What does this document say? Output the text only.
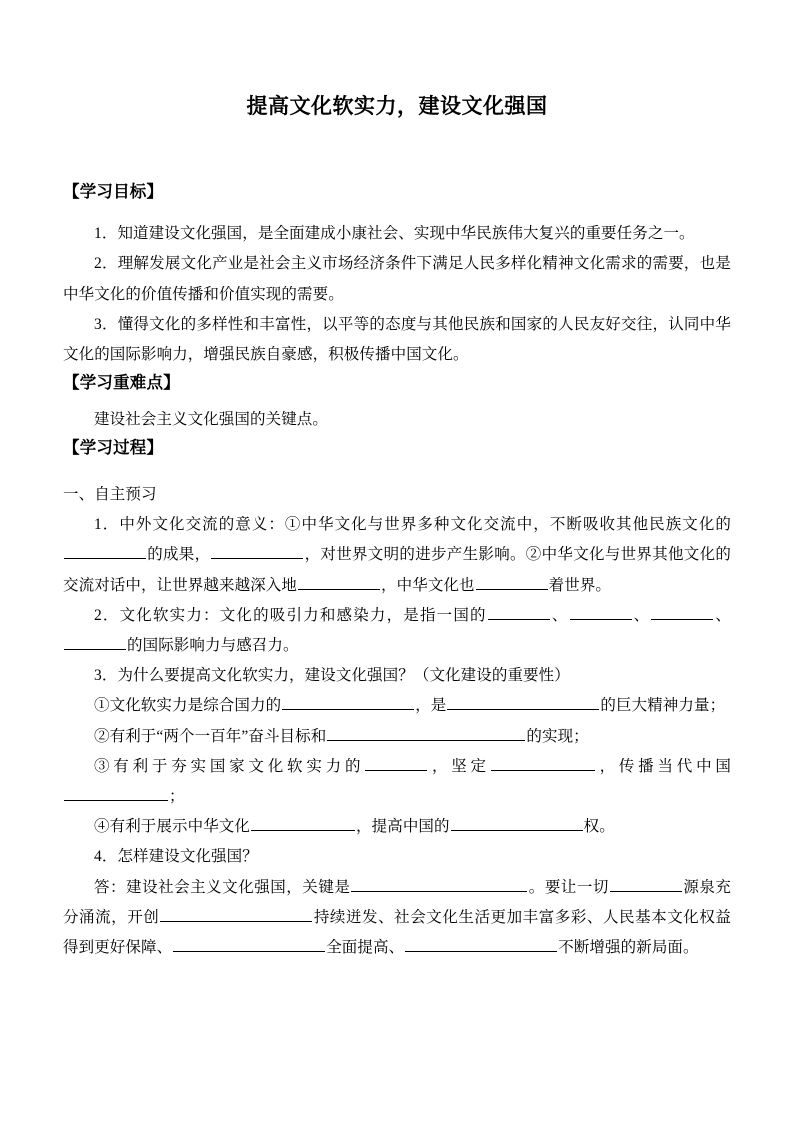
提高文化软实力，建设文化强国
【学习目标】

1．知道建设文化强国，是全面建成小康社会、实现中华民族伟大复兴的重要任务之一。

2．理解发展文化产业是社会主义市场经济条件下满足人民多样化精神文化需求的需要，也是中华文化的价值传播和价值实现的需要。

3．懂得文化的多样性和丰富性，以平等的态度与其他民族和国家的人民友好交往，认同中华文化的国际影响力，增强民族自豪感，积极传播中国文化。

【学习重难点】

建设社会主义文化强国的关键点。

【学习过程】

一、自主预习

1．中外文化交流的意义：①中华文化与世界多种文化交流中，不断吸收其他民族文化的的成果，	，对世界文明的进步产生影响。②中华文化与世界其他文化的交流对话中，让世界越来越深入地	，中华文化也	着世界。

2．文化软实力：文化的吸引力和感染力，是指一国的	、	、	、的国际影响力与感召力。

3．为什么要提高文化软实力，建设文化强国？（文化建设的重要性）

①文化软实力是综合国力的	，是	的巨大精神力量；

②有利于“两个一百年”奋斗目标和	的实现；

③有利于夯实国家文化软实力的	，坚定	，传播当代中国；

④有利于展示中华文化	，提高中国的	权。

4．怎样建设文化强国？

答：建设社会主义文化强国，关键是	。要让一切	源泉充分涌流，开创	持续迸发、社会文化生活更加丰富多彩、人民基本文化权益得到更好保障、	全面提高、	不断增强的新局面。
